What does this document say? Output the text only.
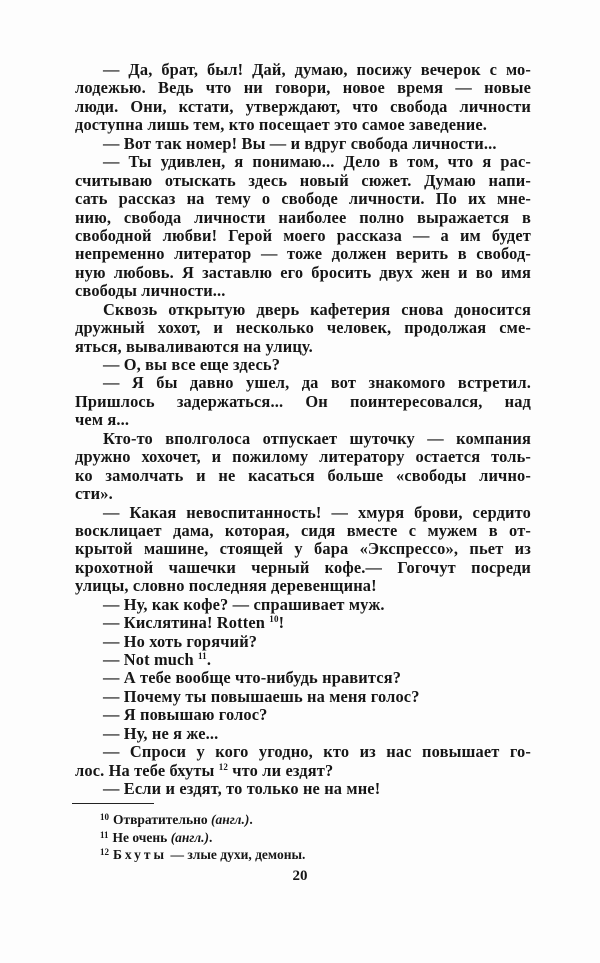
— Да, брат, был! Дай, думаю, посижу вечерок с мо-
лодежью. Ведь что ни говори, новое время — новые
люди. Они, кстати, утверждают, что свобода личности
доступна лишь тем, кто посещает это самое заведение.
— Вот так номер! Вы — и вдруг свобода личности...
— Ты удивлен, я понимаю... Дело в том, что я рас-
считываю отыскать здесь новый сюжет. Думаю напи-
сать рассказ на тему о свободе личности. По их мне-
нию, свобода личности наиболее полно выражается в
свободной любви! Герой моего рассказа — а им будет
непременно литератор — тоже должен верить в свобод-
ную любовь. Я заставлю его бросить двух жен и во имя
свободы личности...
Сквозь открытую дверь кафетерия снова доносится
дружный хохот, и несколько человек, продолжая сме-
яться, вываливаются на улицу.
— О, вы все еще здесь?
— Я бы давно ушел, да вот знакомого встретил.
Пришлось задержаться... Он поинтересовался, над
чем я...
Кто-то вполголоса отпускает шуточку — компания
дружно хохочет, и пожилому литератору остается толь-
ко замолчать и не касаться больше «свободы лично-
сти».
— Какая невоспитанность! — хмуря брови, сердито
восклицает дама, которая, сидя вместе с мужем в от-
крытой машине, стоящей у бара «Экспрессо», пьет из
крохотной чашечки черный кофе.— Гогочут посреди
улицы, словно последняя деревенщина!
— Ну, как кофе? — спрашивает муж.
— Кислятина! Rotten $^{10}$!
— Но хоть горячий?
— Not much $^{11}$.
— А тебе вообще что-нибудь нравится?
— Почему ты повышаешь на меня голос?
— Я повышаю голос?
— Ну, не я же...
— Спроси у кого угодно, кто из нас повышает го-
лос. На тебе бхуты $^{12}$ что ли ездят?
— Если и ездят, то только не на мне!
$^{10}$ Отвратительно (англ.).
$^{11}$ Не очень (англ.).
$^{12}$ Бхуты — злые духи, демоны.
20
